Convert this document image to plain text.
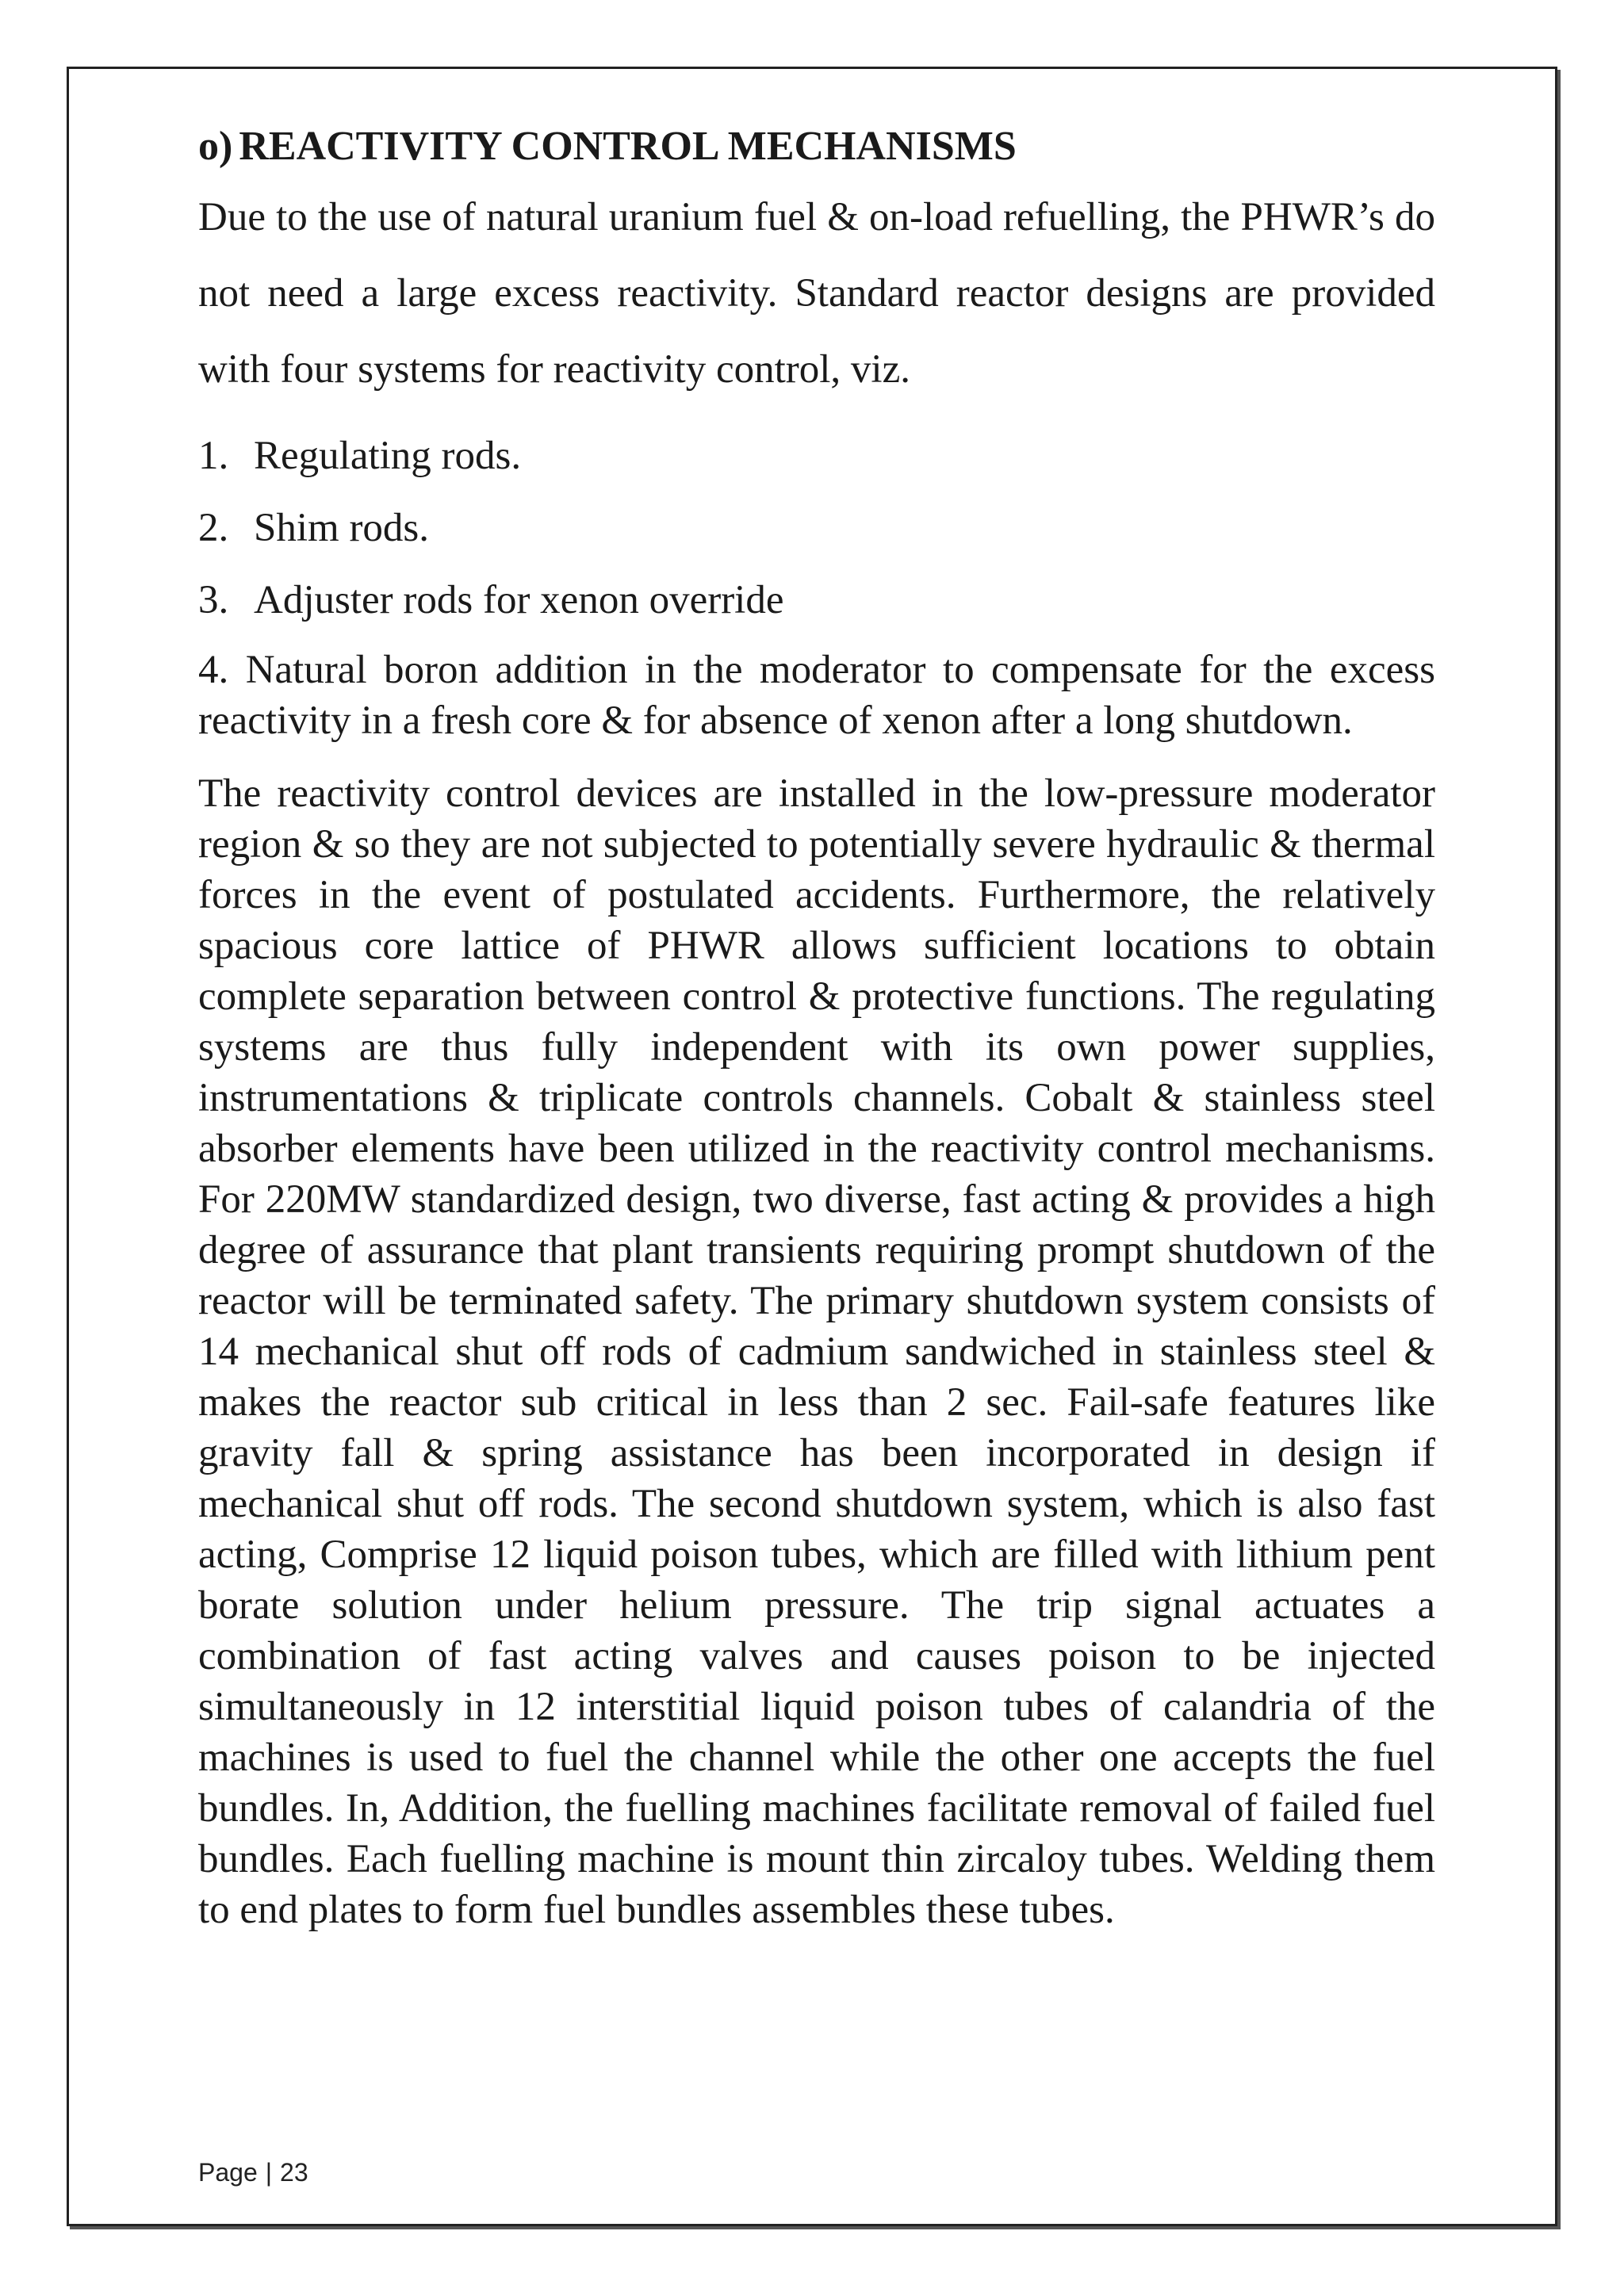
o) REACTIVITY CONTROL MECHANISMS

Due to the use of natural uranium fuel & on-load refuelling, the PHWR’s do not need a large excess reactivity. Standard reactor designs are provided with four systems for reactivity control, viz.

1. Regulating rods.
2. Shim rods.
3. Adjuster rods for xenon override

4. Natural boron addition in the moderator to compensate for the excess reactivity in a fresh core & for absence of xenon after a long shutdown.

The reactivity control devices are installed in the low-pressure moderator region & so they are not subjected to potentially severe hydraulic & thermal forces in the event of postulated accidents. Furthermore, the relatively spacious core lattice of PHWR allows sufficient locations to obtain complete separation between control & protective functions. The regulating systems are thus fully independent with its own power supplies, instrumentations & triplicate controls channels. Cobalt & stainless steel absorber elements have been utilized in the reactivity control mechanisms. For 220MW standardized design, two diverse, fast acting & provides a high degree of assurance that plant transients requiring prompt shutdown of the reactor will be terminated safety. The primary shutdown system consists of 14 mechanical shut off rods of cadmium sandwiched in stainless steel & makes the reactor sub critical in less than 2 sec. Fail-safe features like gravity fall & spring assistance has been incorporated in design if mechanical shut off rods. The second shutdown system, which is also fast acting, Comprise 12 liquid poison tubes, which are filled with lithium pent borate solution under helium pressure. The trip signal actuates a combination of fast acting valves and causes poison to be injected simultaneously in 12 interstitial liquid poison tubes of calandria of the machines is used to fuel the channel while the other one accepts the fuel bundles. In, Addition, the fuelling machines facilitate removal of failed fuel bundles. Each fuelling machine is mount thin zircaloy tubes. Welding them to end plates to form fuel bundles assembles these tubes.

Page | 23
